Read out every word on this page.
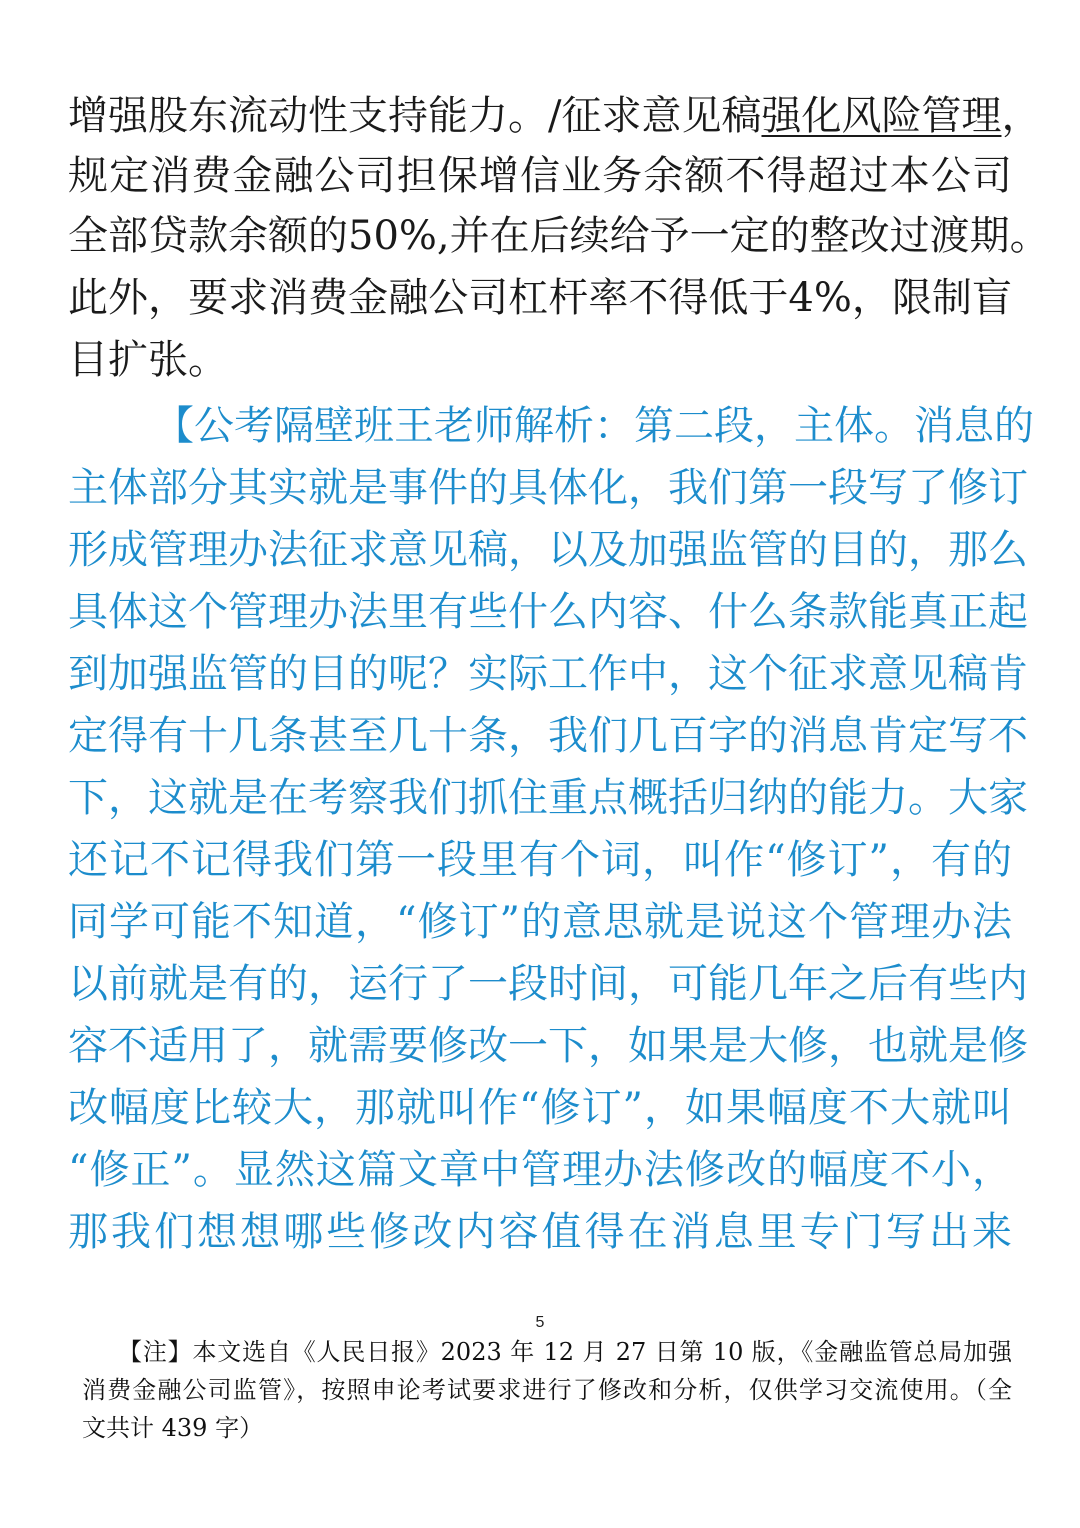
增强股东流动性支持能力。/征求意见稿强化风险管理，
规定消费金融公司担保增信业务余额不得超过本公司
全部贷款余额的50%,并在后续给予一定的整改过渡期。
此外，要求消费金融公司杠杆率不得低于4%，限制盲
目扩张。
【公考隔壁班王老师解析：第二段，主体。消息的
主体部分其实就是事件的具体化，我们第一段写了修订
形成管理办法征求意见稿，以及加强监管的目的，那么
具体这个管理办法里有些什么内容、什么条款能真正起
到加强监管的目的呢？实际工作中，这个征求意见稿肯
定得有十几条甚至几十条，我们几百字的消息肯定写不
下，这就是在考察我们抓住重点概括归纳的能力。大家
还记不记得我们第一段里有个词，叫作“修订”，有的
同学可能不知道，“修订”的意思就是说这个管理办法
以前就是有的，运行了一段时间，可能几年之后有些内
容不适用了，就需要修改一下，如果是大修，也就是修
改幅度比较大，那就叫作“修订”，如果幅度不大就叫
“修正”。显然这篇文章中管理办法修改的幅度不小，
那我们想想哪些修改内容值得在消息里专门写出来
5
【注】本文选自《人民日报》2023 年 12 月 27 日第 10 版，《金融监管总局加强
消费金融公司监管》，按照申论考试要求进行了修改和分析，仅供学习交流使用。（全
文共计 439 字）
